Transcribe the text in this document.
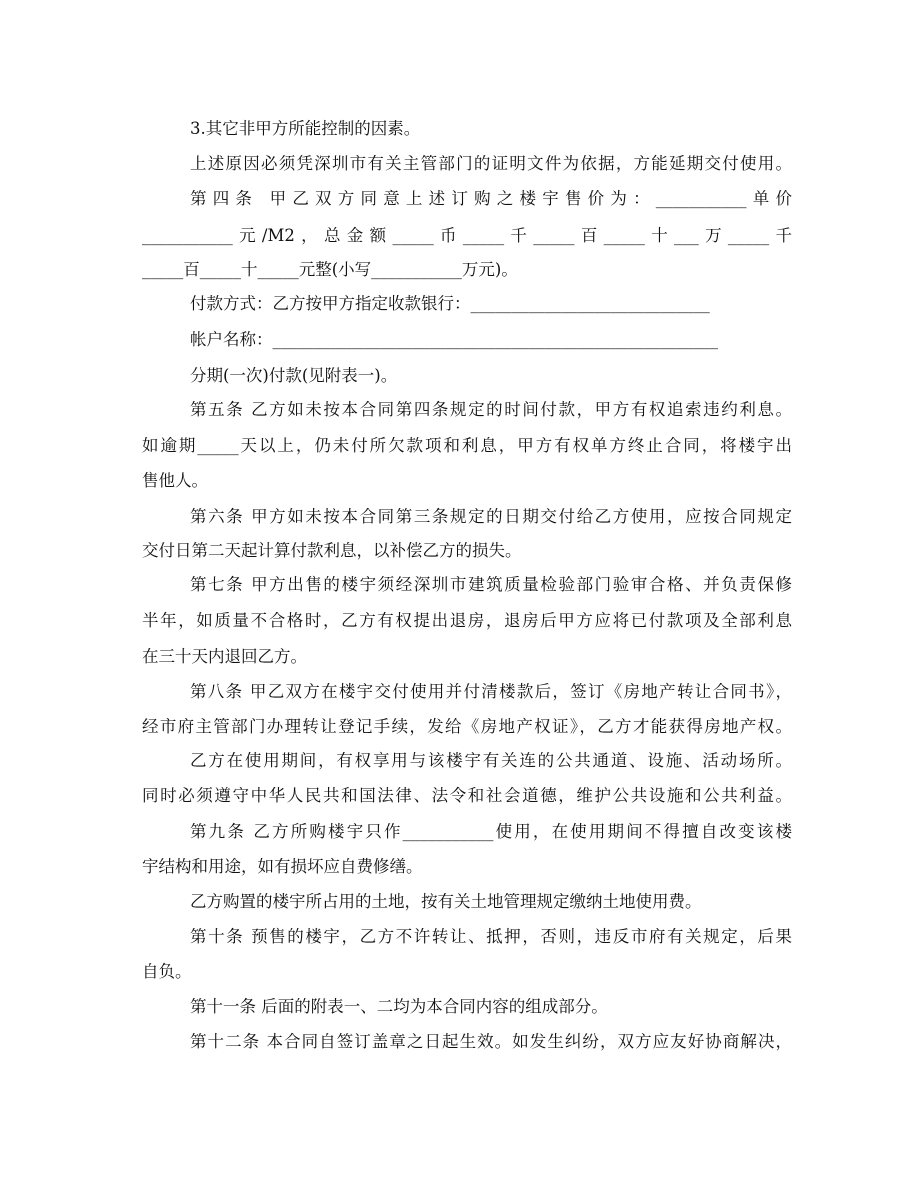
3.其它非甲方所能控制的因素。
上述原因必须凭深圳市有关主管部门的证明文件为依据，方能延期交付使用。
第四条 甲乙双方同意上述订购之楼宇售价为：___________单价
___________元/M2，总金额_____币_____千_____百_____十___万_____千
_____百_____十_____元整(小写___________万元)。
付款方式：乙方按甲方指定收款银行：_____________________________
帐户名称：______________________________________________________
分期(一次)付款(见附表一)。
第五条 乙方如未按本合同第四条规定的时间付款，甲方有权追索违约利息。
如逾期_____天以上，仍未付所欠款项和利息，甲方有权单方终止合同，将楼宇出
售他人。
第六条 甲方如未按本合同第三条规定的日期交付给乙方使用，应按合同规定
交付日第二天起计算付款利息，以补偿乙方的损失。
第七条 甲方出售的楼宇须经深圳市建筑质量检验部门验审合格、并负责保修
半年，如质量不合格时，乙方有权提出退房，退房后甲方应将已付款项及全部利息
在三十天内退回乙方。
第八条 甲乙双方在楼宇交付使用并付清楼款后，签订《房地产转让合同书》，
经市府主管部门办理转让登记手续，发给《房地产权证》，乙方才能获得房地产权。
乙方在使用期间，有权享用与该楼宇有关连的公共通道、设施、活动场所。
同时必须遵守中华人民共和国法律、法令和社会道德，维护公共设施和公共利益。
第九条 乙方所购楼宇只作___________使用，在使用期间不得擅自改变该楼
宇结构和用途，如有损坏应自费修缮。
乙方购置的楼宇所占用的土地，按有关土地管理规定缴纳土地使用费。
第十条 预售的楼宇，乙方不许转让、抵押，否则，违反市府有关规定，后果
自负。
第十一条 后面的附表一、二均为本合同内容的组成部分。
第十二条 本合同自签订盖章之日起生效。如发生纠纷，双方应友好协商解决，
